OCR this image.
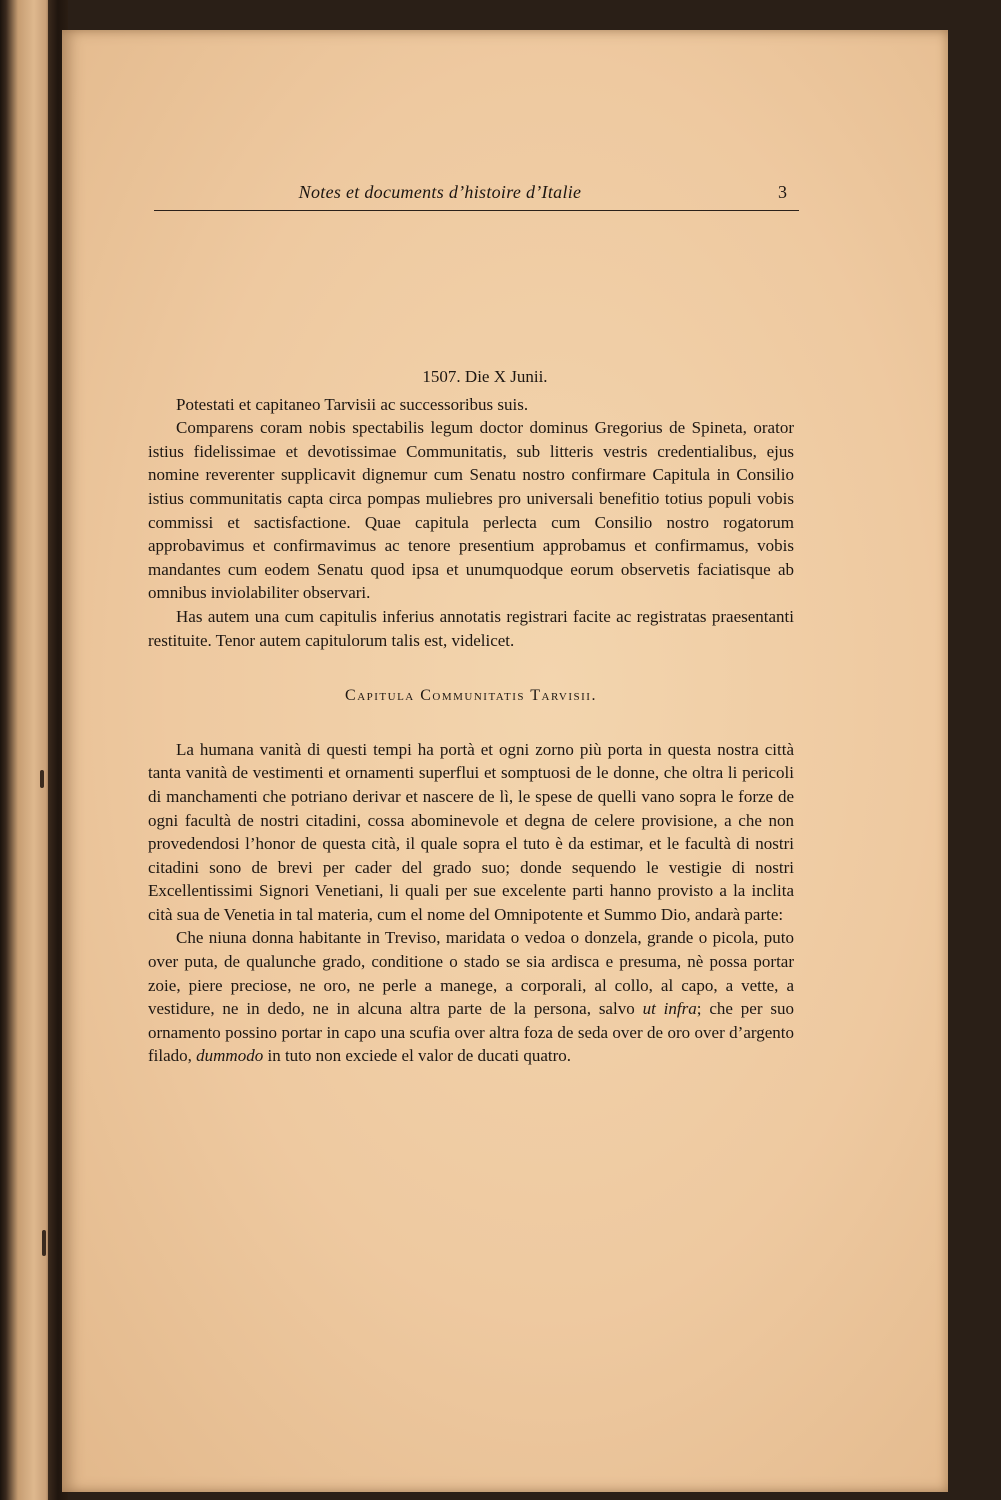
Notes et documents d’histoire d’Italie	3

1507. Die X Junii.

Potestati et capitaneo Tarvisii ac successoribus suis.

Comparens coram nobis spectabilis legum doctor dominus Gregorius de Spineta, orator istius fidelissimae et devotissimae Communitatis, sub litteris vestris credentialibus, ejus nomine reverenter supplicavit dignemur cum Senatu nostro confirmare Capitula in Consilio istius communitatis capta circa pompas muliebres pro universali benefitio totius populi vobis commissi et sactisfactione. Quae capitula perlecta cum Consilio nostro rogatorum approbavimus et confirmavimus ac tenore presentium approbamus et confirmamus, vobis mandantes cum eodem Senatu quod ipsa et unumquodque eorum observetis faciatisque ab omnibus inviolabiliter observari.

Has autem una cum capitulis inferius annotatis registrari facite ac registratas praesentanti restituite. Tenor autem capitulorum talis est, videlicet.

Capitula Communitatis Tarvisii.

La humana vanità di questi tempi ha portà et ogni zorno più porta in questa nostra città tanta vanità de vestimenti et ornamenti superflui et somptuosi de le donne, che oltra li pericoli di manchamenti che potriano derivar et nascere de lì, le spese de quelli vano sopra le forze de ogni facultà de nostri citadini, cossa abominevole et degna de celere provisione, a che non provedendosi l’honor de questa cità, il quale sopra el tuto è da estimar, et le facultà di nostri citadini sono de brevi per cader del grado suo; donde sequendo le vestigie di nostri Excellentissimi Signori Venetiani, li quali per sue excelente parti hanno provisto a la inclita cità sua de Venetia in tal materia, cum el nome del Omnipotente et Summo Dio, andarà parte:

Che niuna donna habitante in Treviso, maridata o vedoa o donzela, grande o picola, puto over puta, de qualunche grado, conditione o stado se sia ardisca e presuma, nè possa portar zoie, piere preciose, ne oro, ne perle a manege, a corporali, al collo, al capo, a vette, a vestidure, ne in dedo, ne in alcuna altra parte de la persona, salvo ut infra; che per suo ornamento possino portar in capo una scufia over altra foza de seda over de oro over d’argento filado, dummodo in tuto non exciede el valor de ducati quatro.
